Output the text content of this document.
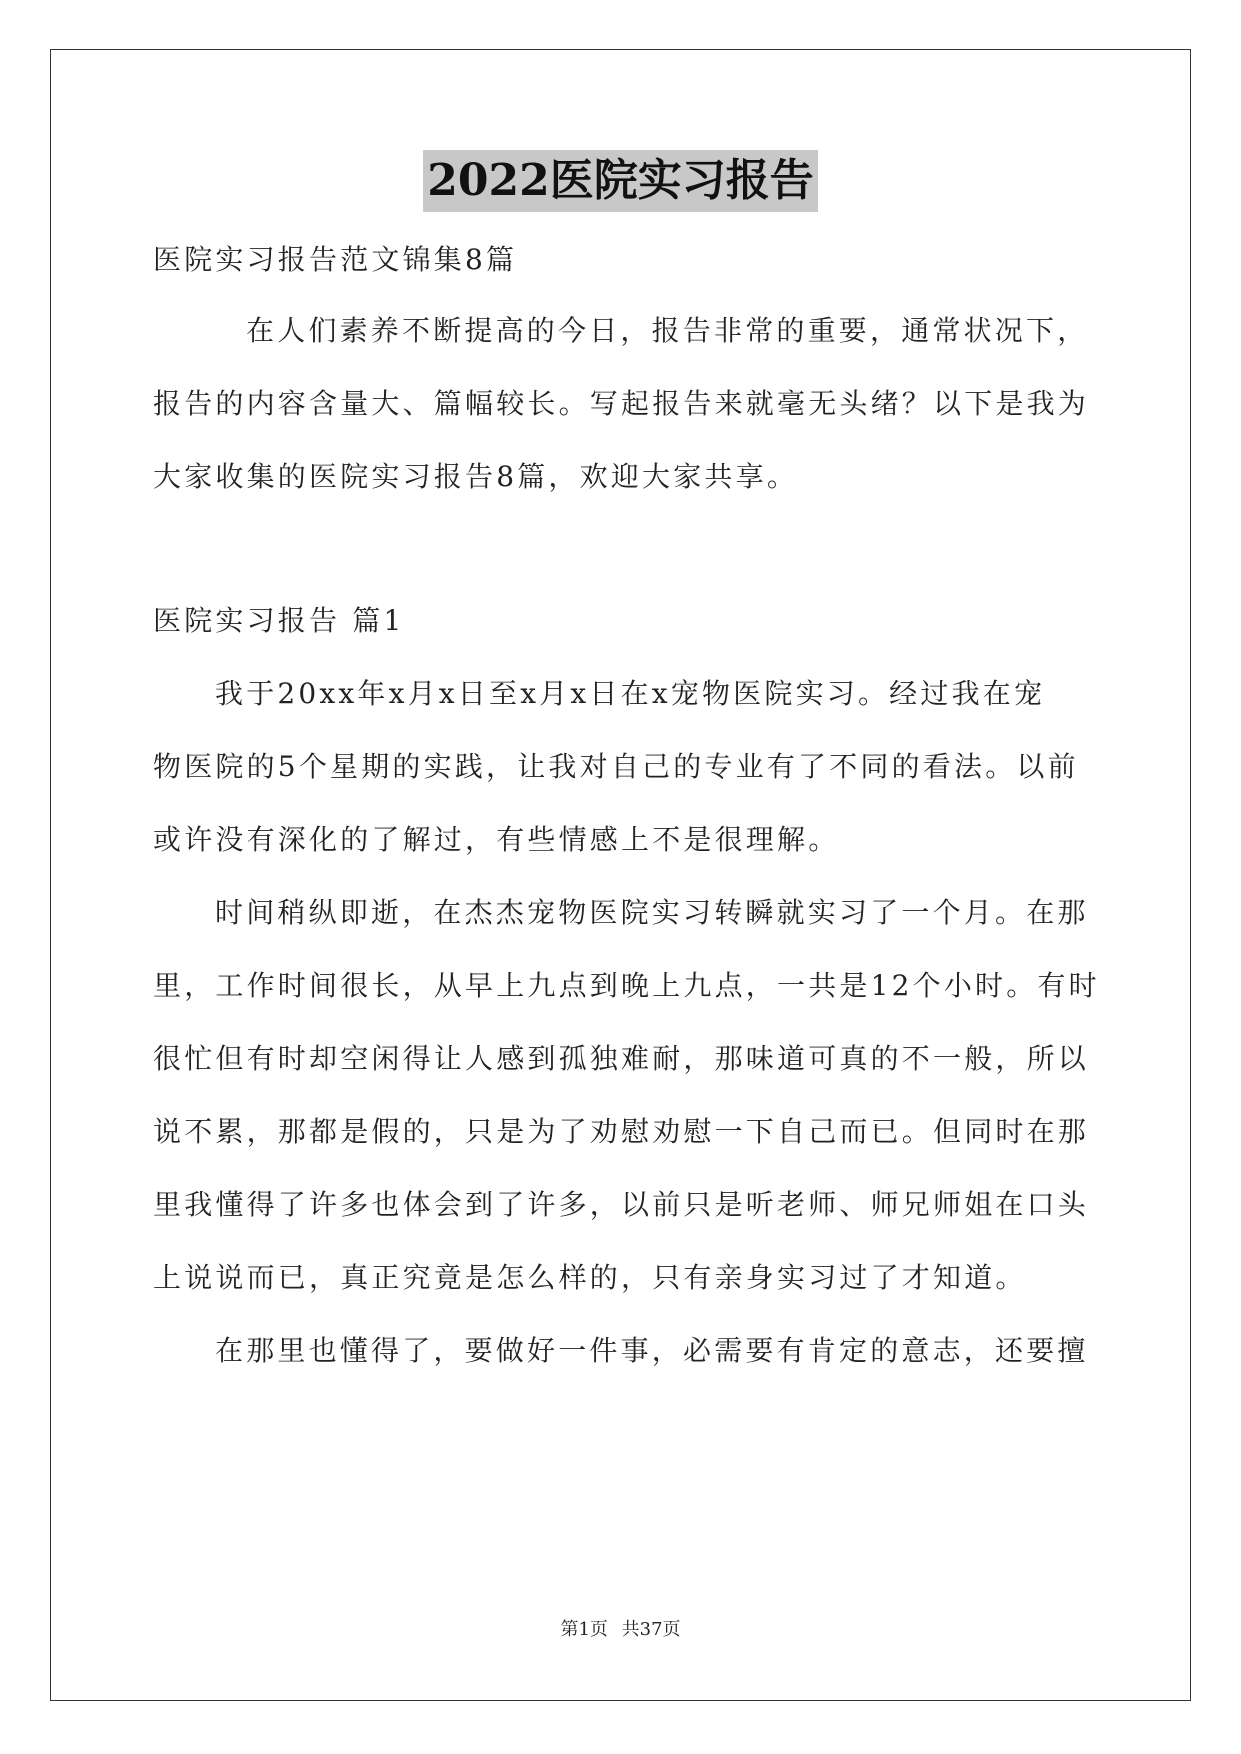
2022医院实习报告
医院实习报告范文锦集8篇
在人们素养不断提高的今日，报告非常的重要，通常状况下，
报告的内容含量大、篇幅较长。写起报告来就毫无头绪？以下是我为
大家收集的医院实习报告8篇，欢迎大家共享。
医院实习报告 篇1
我于20xx年x月x日至x月x日在x宠物医院实习。经过我在宠
物医院的5个星期的实践，让我对自己的专业有了不同的看法。以前
或许没有深化的了解过，有些情感上不是很理解。
时间稍纵即逝，在杰杰宠物医院实习转瞬就实习了一个月。在那
里，工作时间很长，从早上九点到晚上九点，一共是12个小时。有时
很忙但有时却空闲得让人感到孤独难耐，那味道可真的不一般，所以
说不累，那都是假的，只是为了劝慰劝慰一下自己而已。但同时在那
里我懂得了许多也体会到了许多，以前只是听老师、师兄师姐在口头
上说说而已，真正究竟是怎么样的，只有亲身实习过了才知道。
在那里也懂得了，要做好一件事，必需要有肯定的意志，还要擅
第1页 共37页
